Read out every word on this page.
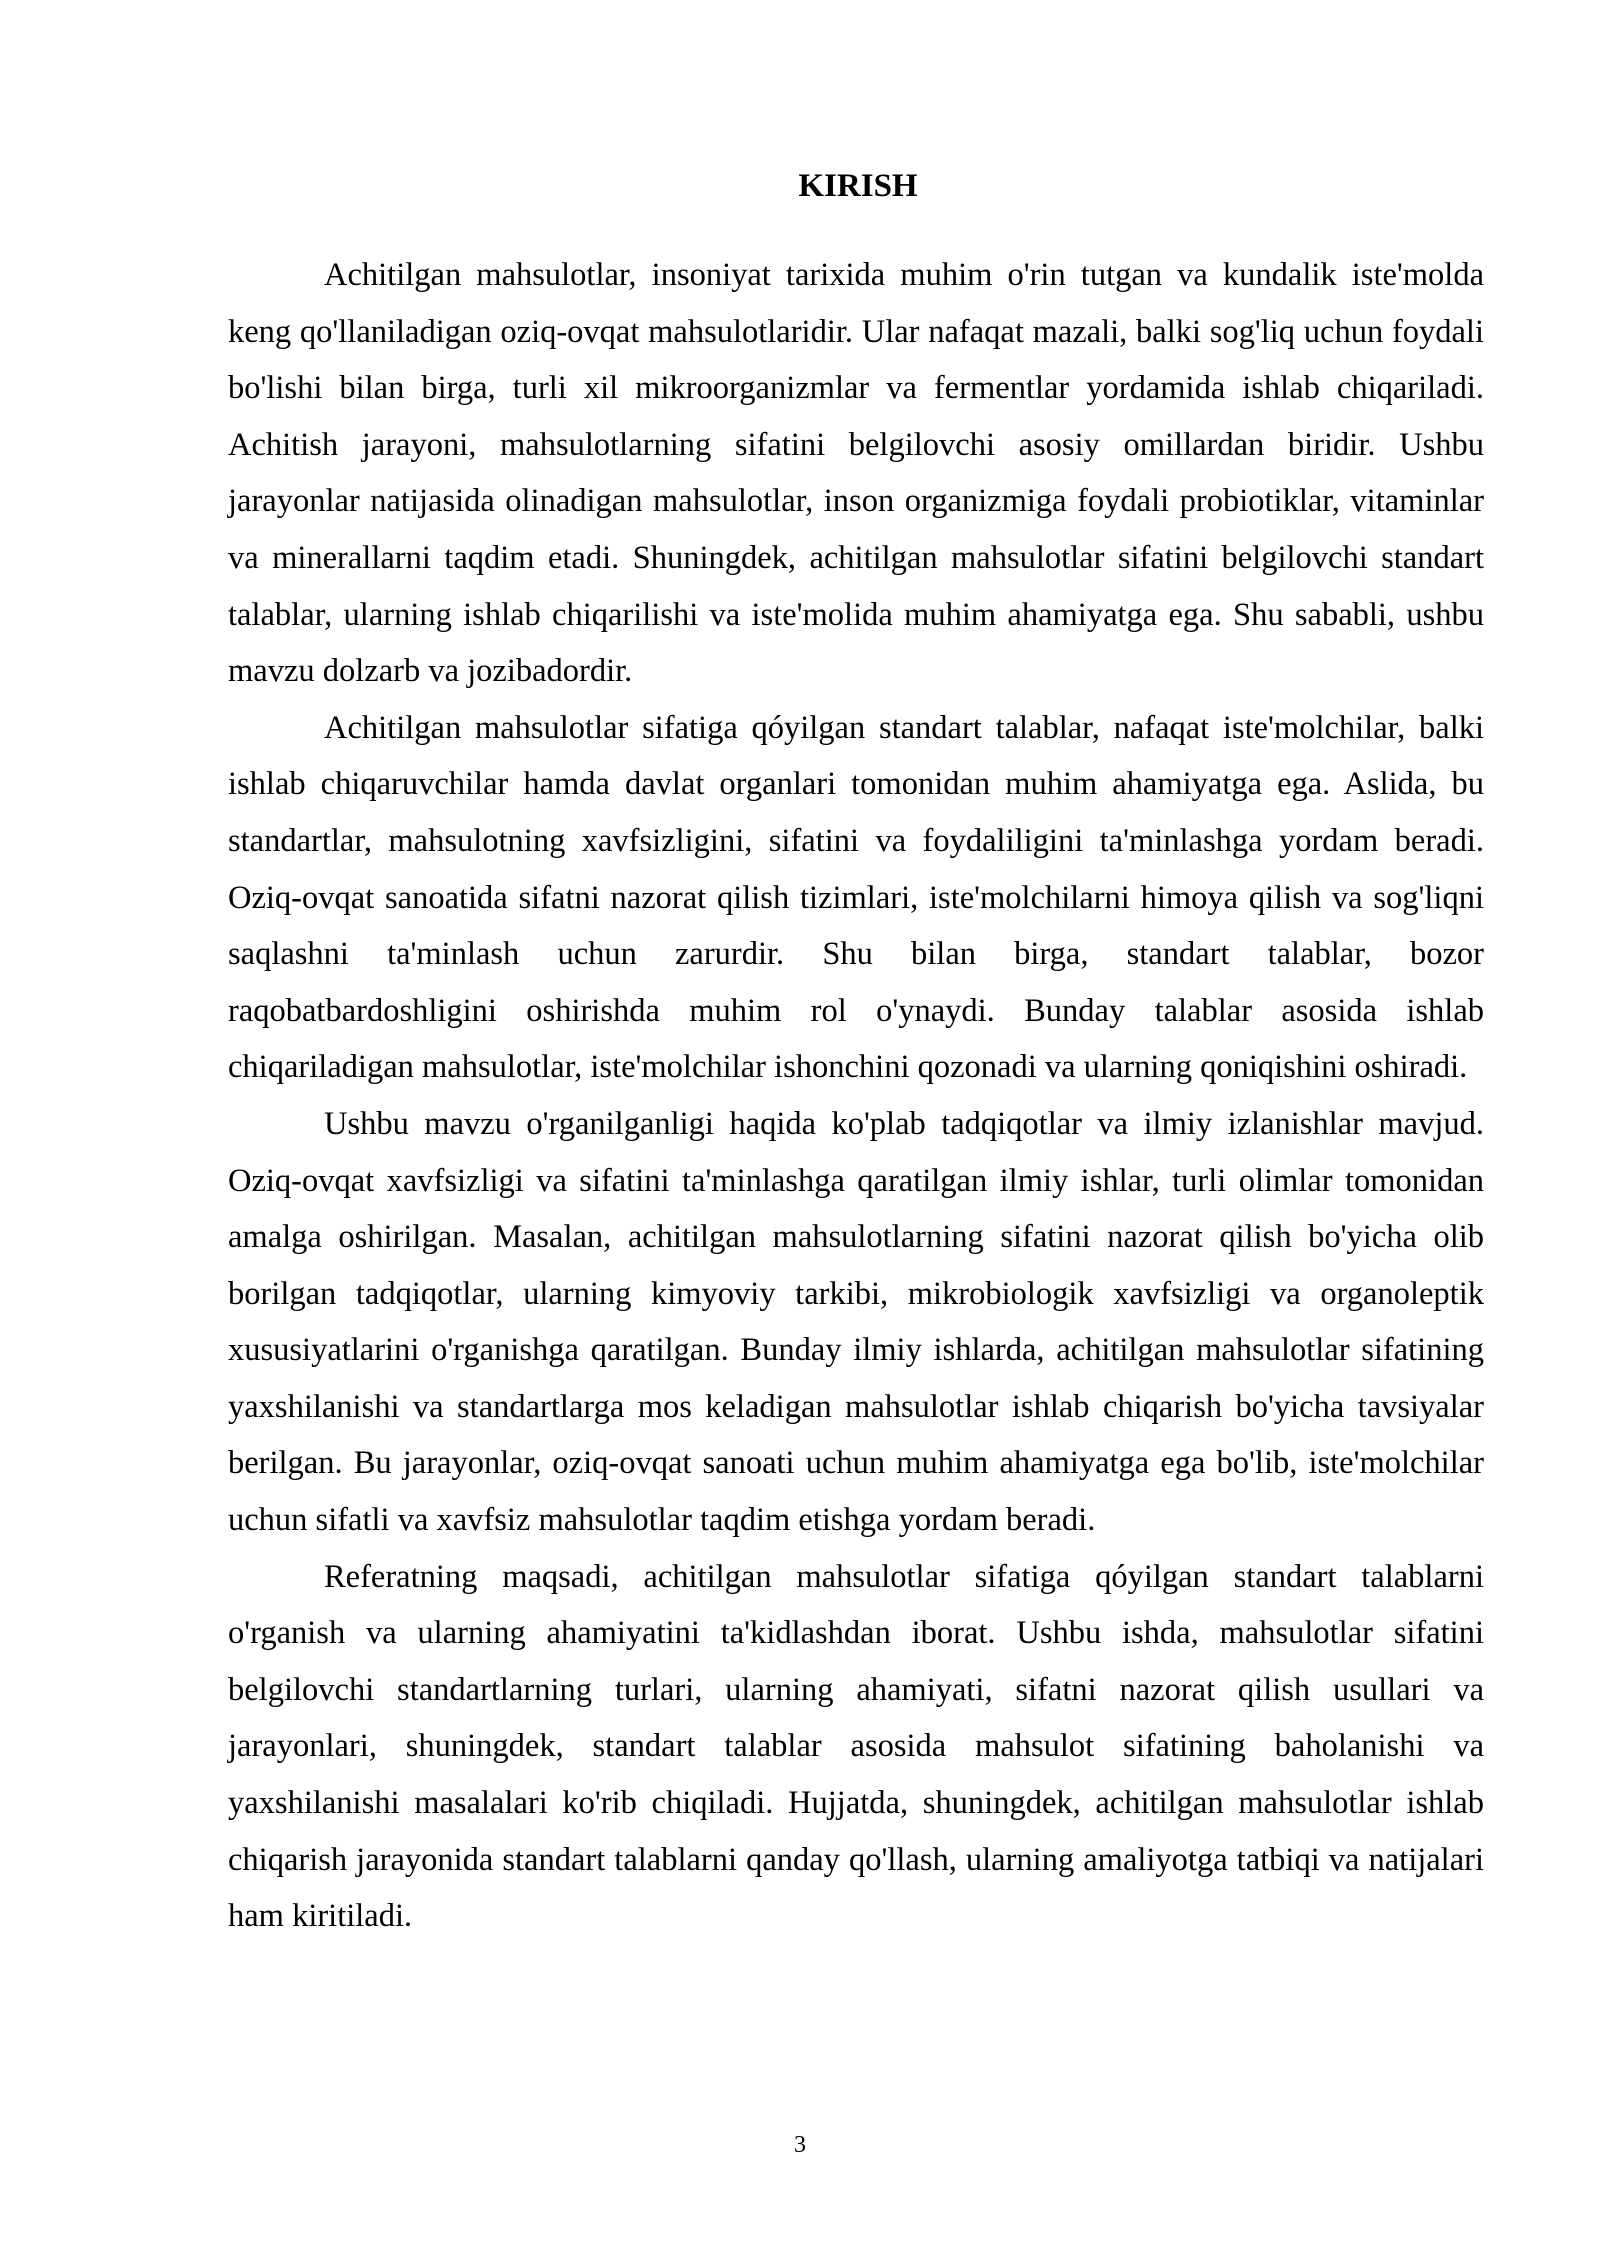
KIRISH

Achitilgan mahsulotlar, insoniyat tarixida muhim o'rin tutgan va kundalik iste'molda keng qo'llaniladigan oziq-ovqat mahsulotlaridir. Ular nafaqat mazali, balki sog'liq uchun foydali bo'lishi bilan birga, turli xil mikroorganizmlar va fermentlar yordamida ishlab chiqariladi. Achitish jarayoni, mahsulotlarning sifatini belgilovchi asosiy omillardan biridir. Ushbu jarayonlar natijasida olinadigan mahsulotlar, inson organizmiga foydali probiotiklar, vitaminlar va minerallarni taqdim etadi. Shuningdek, achitilgan mahsulotlar sifatini belgilovchi standart talablar, ularning ishlab chiqarilishi va iste'molida muhim ahamiyatga ega. Shu sababli, ushbu mavzu dolzarb va jozibadordir.

Achitilgan mahsulotlar sifatiga qóyilgan standart talablar, nafaqat iste'molchilar, balki ishlab chiqaruvchilar hamda davlat organlari tomonidan muhim ahamiyatga ega. Aslida, bu standartlar, mahsulotning xavfsizligini, sifatini va foydaliligini ta'minlashga yordam beradi. Oziq-ovqat sanoatida sifatni nazorat qilish tizimlari, iste'molchilarni himoya qilish va sog'liqni saqlashni ta'minlash uchun zarurdir. Shu bilan birga, standart talablar, bozor raqobatbardoshligini oshirishda muhim rol o'ynaydi. Bunday talablar asosida ishlab chiqariladigan mahsulotlar, iste'molchilar ishonchini qozonadi va ularning qoniqishini oshiradi.

Ushbu mavzu o'rganilganligi haqida ko'plab tadqiqotlar va ilmiy izlanishlar mavjud. Oziq-ovqat xavfsizligi va sifatini ta'minlashga qaratilgan ilmiy ishlar, turli olimlar tomonidan amalga oshirilgan. Masalan, achitilgan mahsulotlarning sifatini nazorat qilish bo'yicha olib borilgan tadqiqotlar, ularning kimyoviy tarkibi, mikrobiologik xavfsizligi va organoleptik xususiyatlarini o'rganishga qaratilgan. Bunday ilmiy ishlarda, achitilgan mahsulotlar sifatining yaxshilanishi va standartlarga mos keladigan mahsulotlar ishlab chiqarish bo'yicha tavsiyalar berilgan. Bu jarayonlar, oziq-ovqat sanoati uchun muhim ahamiyatga ega bo'lib, iste'molchilar uchun sifatli va xavfsiz mahsulotlar taqdim etishga yordam beradi.

Referatning maqsadi, achitilgan mahsulotlar sifatiga qóyilgan standart talablarni o'rganish va ularning ahamiyatini ta'kidlashdan iborat. Ushbu ishda, mahsulotlar sifatini belgilovchi standartlarning turlari, ularning ahamiyati, sifatni nazorat qilish usullari va jarayonlari, shuningdek, standart talablar asosida mahsulot sifatining baholanishi va yaxshilanishi masalalari ko'rib chiqiladi. Hujjatda, shuningdek, achitilgan mahsulotlar ishlab chiqarish jarayonida standart talablarni qanday qo'llash, ularning amaliyotga tatbiqi va natijalari ham kiritiladi.

3
